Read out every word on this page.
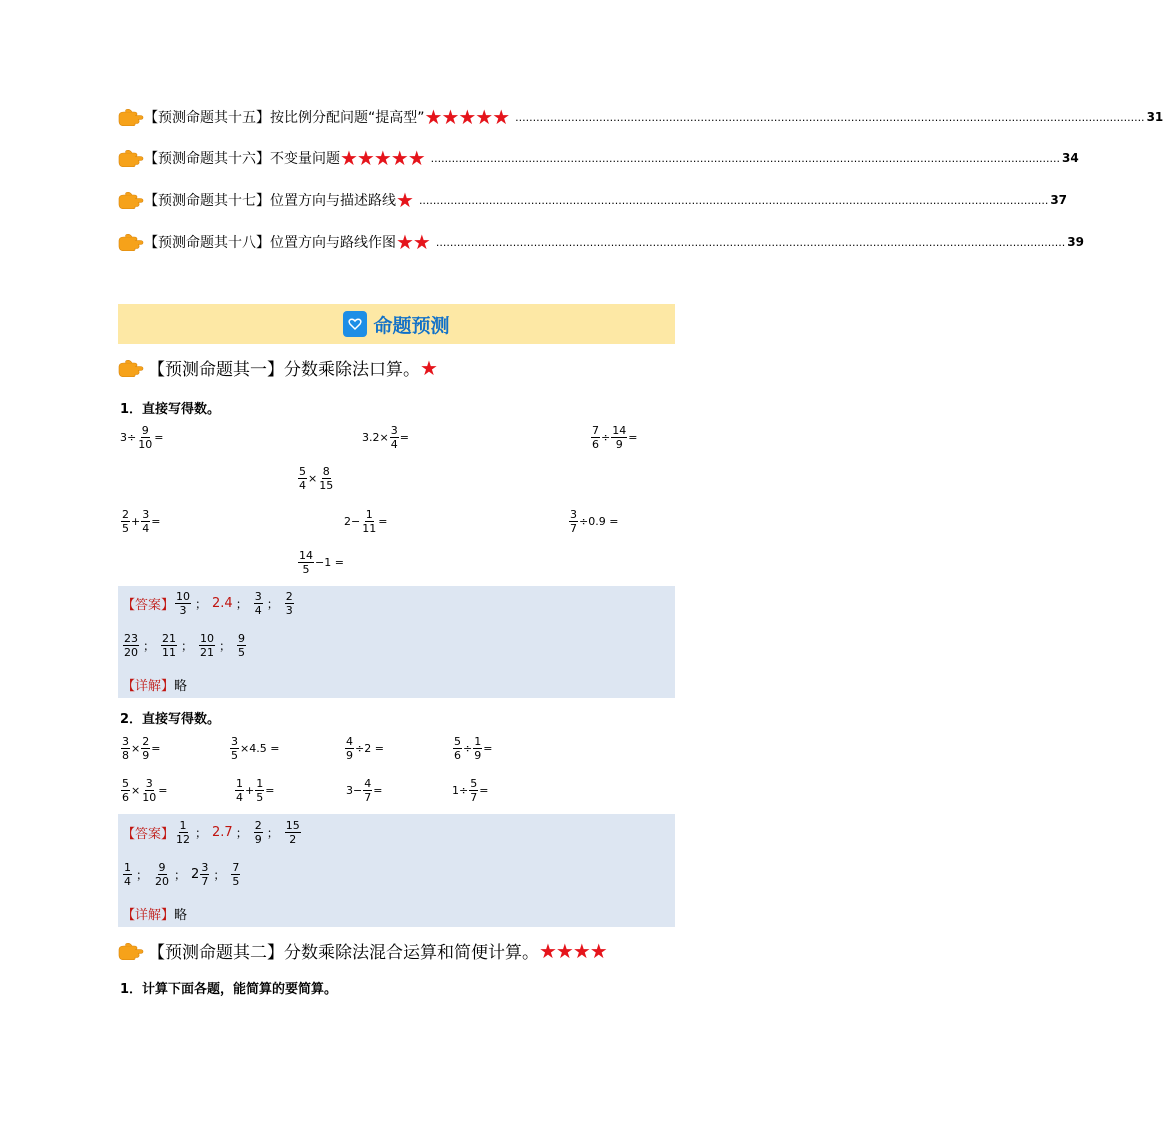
【预测命题其十五】按比例分配问题“提高型” ★★★★★ .................................................................................................................................................................................... 31
【预测命题其十六】不变量问题 ★★★★★ .................................................................................................................................................................................... 34
【预测命题其十七】位置方向与描述路线 ★ .................................................................................................................................................................................... 37
【预测命题其十八】位置方向与路线作图 ★★ .................................................................................................................................................................................... 39
命题预测
【预测命题其一】分数乘除法口算。 ★
1．直接写得数。
$3\div \frac{9}{10}$ =	$3.2\times \frac{3}{4}$ =	$\frac{7}{6} \div \frac{14}{9}$ =
$\frac{5}{4} \times \frac{8}{15}$
$\frac{2}{5} + \frac{3}{4}$ =	$2- \frac{1}{11}$ =	$\frac{3}{7} \div 0.9$ =
$\frac{14}{5} -1$ =
【答案】 $\frac{10}{3}$ ； 2.4 ； $\frac{3}{4}$ ； $\frac{2}{3}$
$\frac{23}{20}$ ； $\frac{21}{11}$ ； $\frac{10}{21}$ ； $\frac{9}{5}$
【详解】 略
2．直接写得数。
$\frac{3}{8} \times \frac{2}{9}$ =	$\frac{3}{5} \times 4.5$ =	$\frac{4}{9} \div 2$ =	$\frac{5}{6} \div \frac{1}{9}$ =
$\frac{5}{6} \times \frac{3}{10}$ =	$\frac{1}{4} + \frac{1}{5}$ =	$3- \frac{4}{7}$ =	$1\div \frac{5}{7}$ =
【答案】 $\frac{1}{12}$ ； 2.7 ； $\frac{2}{9}$ ； $\frac{15}{2}$
$\frac{1}{4}$ ； $\frac{9}{20}$ ； $2 \frac{3}{7}$ ； $\frac{7}{5}$
【详解】 略
【预测命题其二】分数乘除法混合运算和简便计算。 ★★★★
1．计算下面各题，能简算的要简算。
